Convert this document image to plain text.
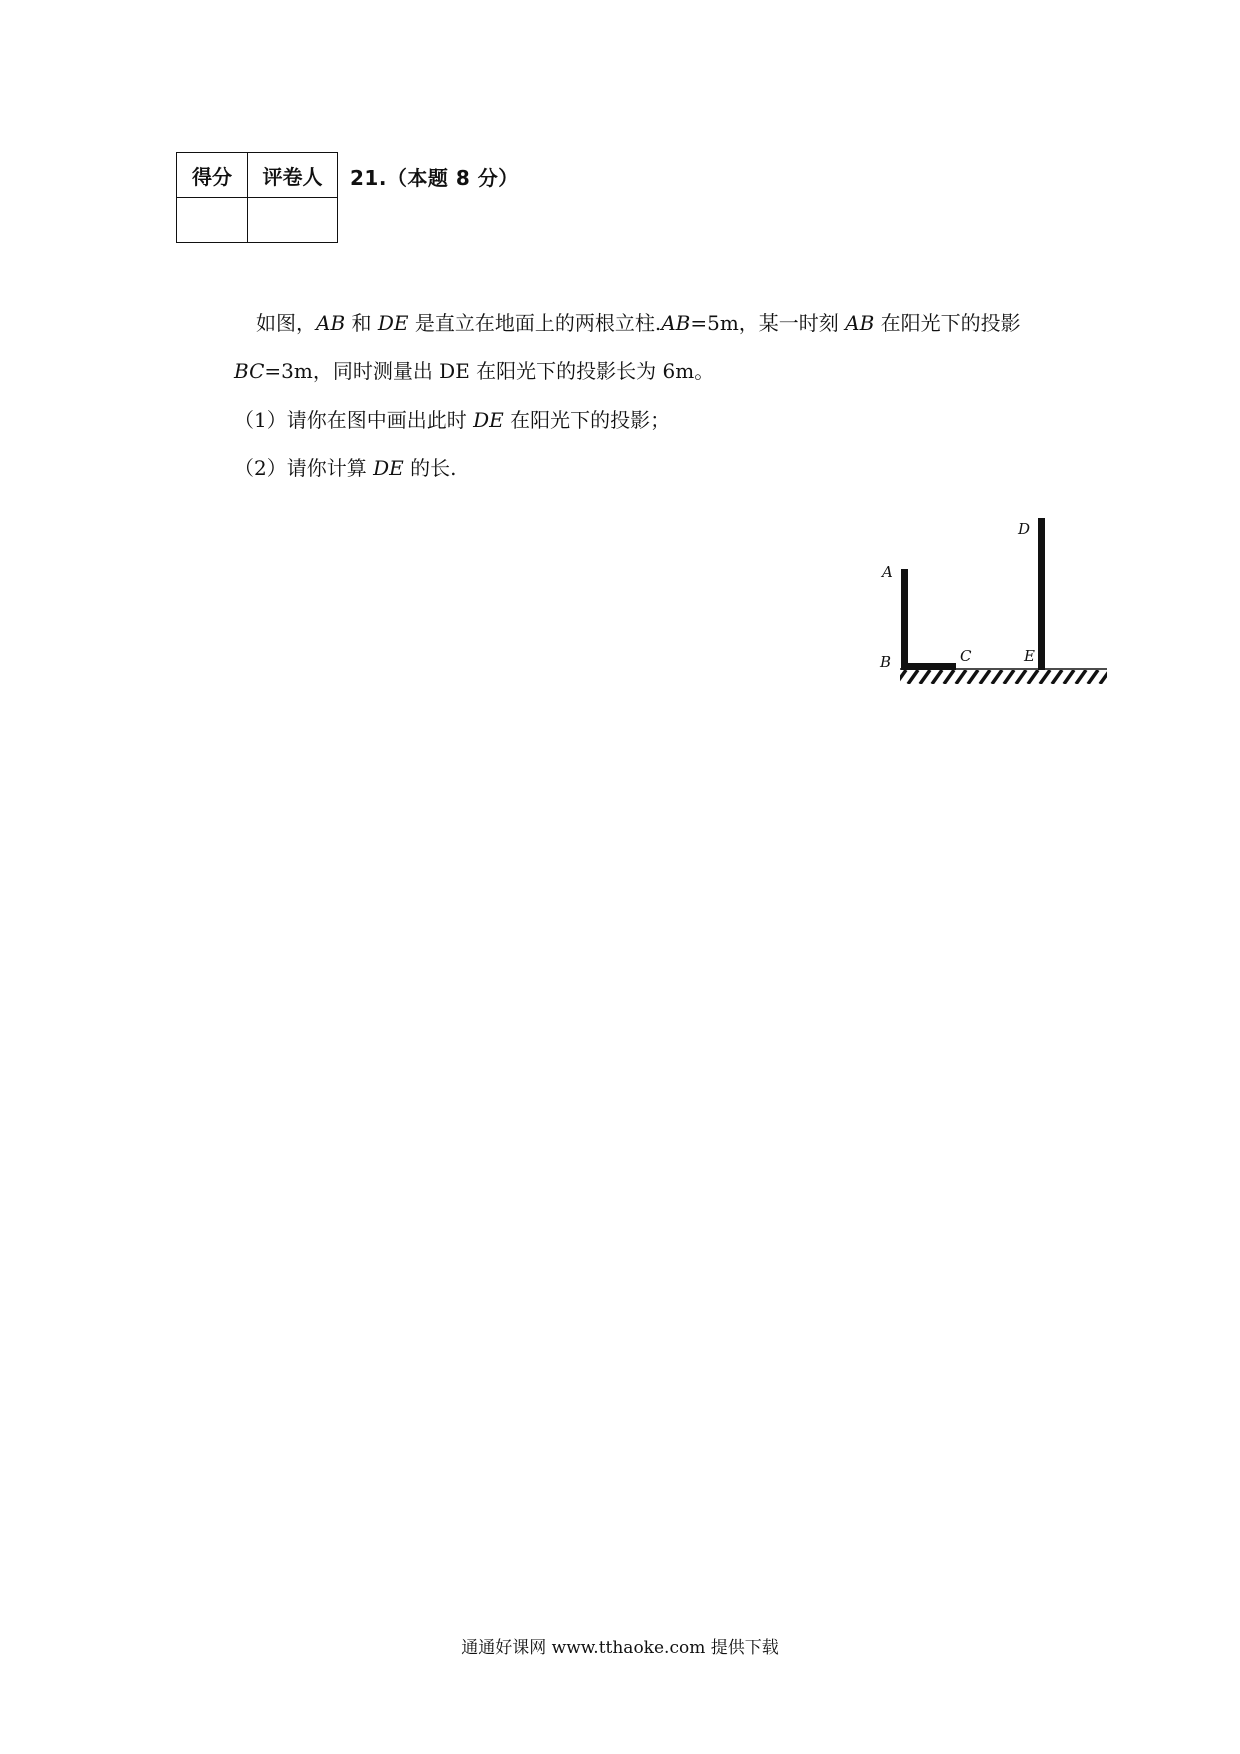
得分	评卷人
	21.（本题 8 分）
如图，AB 和 DE 是直立在地面上的两根立柱.AB=5m，某一时刻 AB 在阳光下的投影
BC=3m，同时测量出 DE 在阳光下的投影长为 6m。
（1）请你在图中画出此时 DE 在阳光下的投影；
（2）请你计算 DE 的长.
A
B	C
D
E
通通好课网 www.tthaoke.com 提供下载
